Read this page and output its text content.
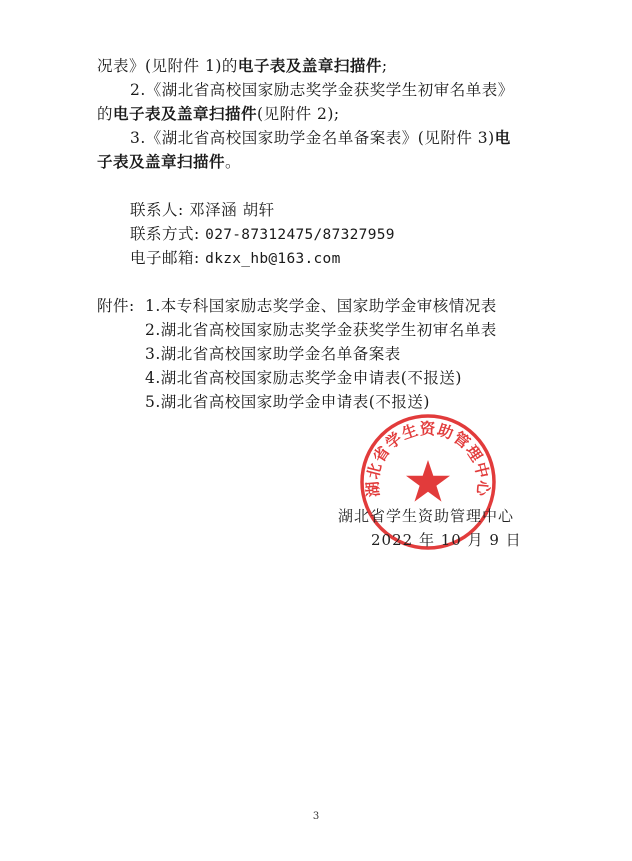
况表》(见附件 1)的电子表及盖章扫描件;
2.《湖北省高校国家励志奖学金获奖学生初审名单表》
的电子表及盖章扫描件(见附件 2);
3.《湖北省高校国家助学金名单备案表》(见附件 3)电
子表及盖章扫描件。
联系人: 邓泽涵 胡轩
联系方式: 027-87312475/87327959
电子邮箱: dkzx_hb@163.com
附件: 1.本专科国家励志奖学金、国家助学金审核情况表
2.湖北省高校国家励志奖学金获奖学生初审名单表
3.湖北省高校国家助学金名单备案表
4.湖北省高校国家励志奖学金申请表(不报送)
5.湖北省高校国家助学金申请表(不报送)
湖北省学生资助管理中心
湖北省学生资助管理中心
2022 年 10 月 9 日
3
